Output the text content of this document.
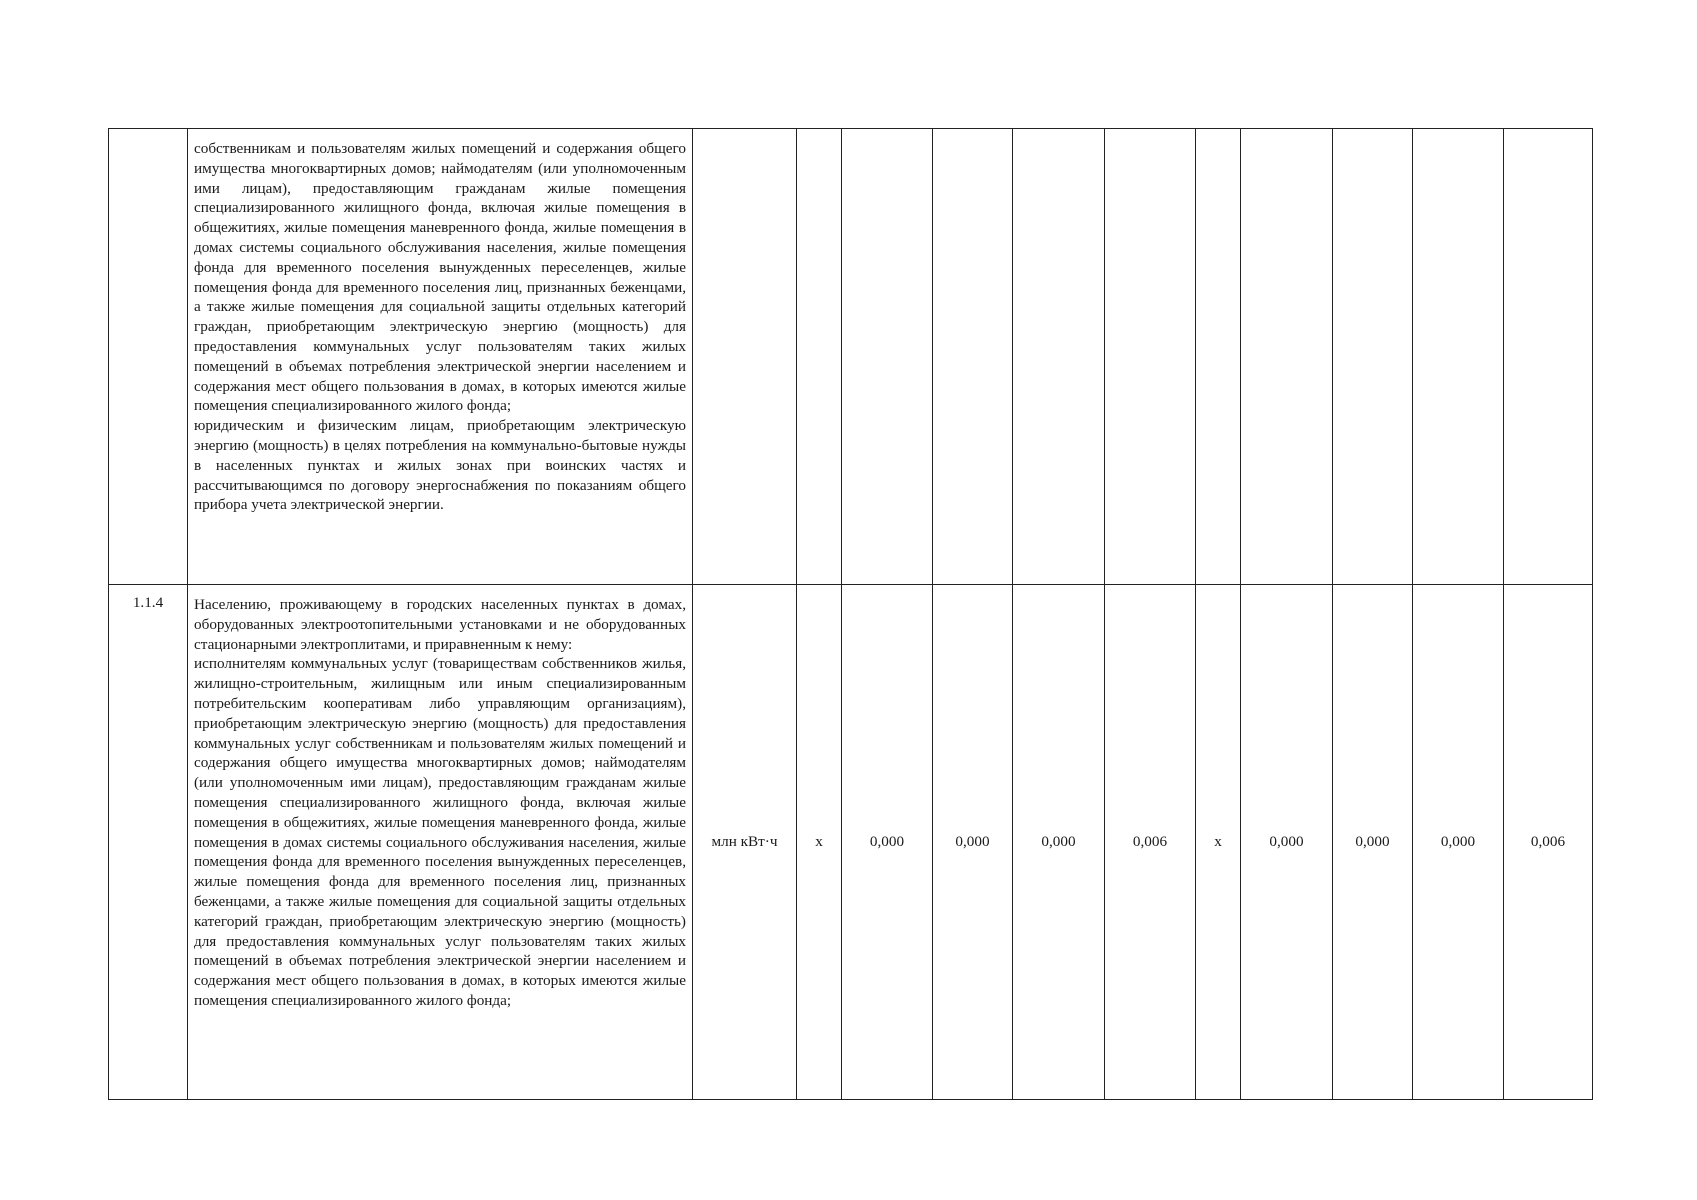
	собственникам и пользователям жилых помещений и содержания общего имущества многоквартирных домов; наймодателям (или уполномоченным ими лицам), предоставляющим гражданам жилые помещения специализированного жилищного фонда, включая жилые помещения в общежитиях, жилые помещения маневренного фонда, жилые помещения в домах системы социального обслуживания населения, жилые помещения фонда для временного поселения вынужденных переселенцев, жилые помещения фонда для временного поселения лиц, признанных беженцами, а также жилые помещения для социальной защиты отдельных категорий граждан, приобретающим электрическую энергию (мощность) для предоставления коммунальных услуг пользователям таких жилых помещений в объемах потребления электрической энергии населением и содержания мест общего пользования в домах, в которых имеются жилые помещения специализированного жилого фонда;

юридическим и физическим лицам, приобретающим электрическую энергию (мощность) в целях потребления на коммунально-бытовые нужды в населенных пунктах и жилых зонах при воинских частях и рассчитывающимся по договору энергоснабжения по показаниям общего прибора учета электрической энергии.											

1.1.4	Населению, проживающему в городских населенных пунктах в домах, оборудованных электроотопительными установками и не оборудованных стационарными электроплитами, и приравненным к нему:

исполнителям коммунальных услуг (товариществам собственников жилья, жилищно-строительным, жилищным или иным специализированным потребительским кооперативам либо управляющим организациям), приобретающим электрическую энергию (мощность) для предоставления коммунальных услуг собственникам и пользователям жилых помещений и содержания общего имущества многоквартирных домов; наймодателям (или уполномоченным ими лицам), предоставляющим гражданам жилые помещения специализированного жилищного фонда, включая жилые помещения в общежитиях, жилые помещения маневренного фонда, жилые помещения в домах системы социального обслуживания населения, жилые помещения фонда для временного поселения вынужденных переселенцев, жилые помещения фонда для временного поселения лиц, признанных беженцами, а также жилые помещения для социальной защиты отдельных категорий граждан, приобретающим электрическую энергию (мощность) для предоставления коммунальных услуг пользователям таких жилых помещений в объемах потребления электрической энергии населением и содержания мест общего пользования в домах, в которых имеются жилые помещения специализированного жилого фонда;	млн кВт·ч	x	0,000	0,000	0,000	0,006	x	0,000	0,000	0,000	0,006
